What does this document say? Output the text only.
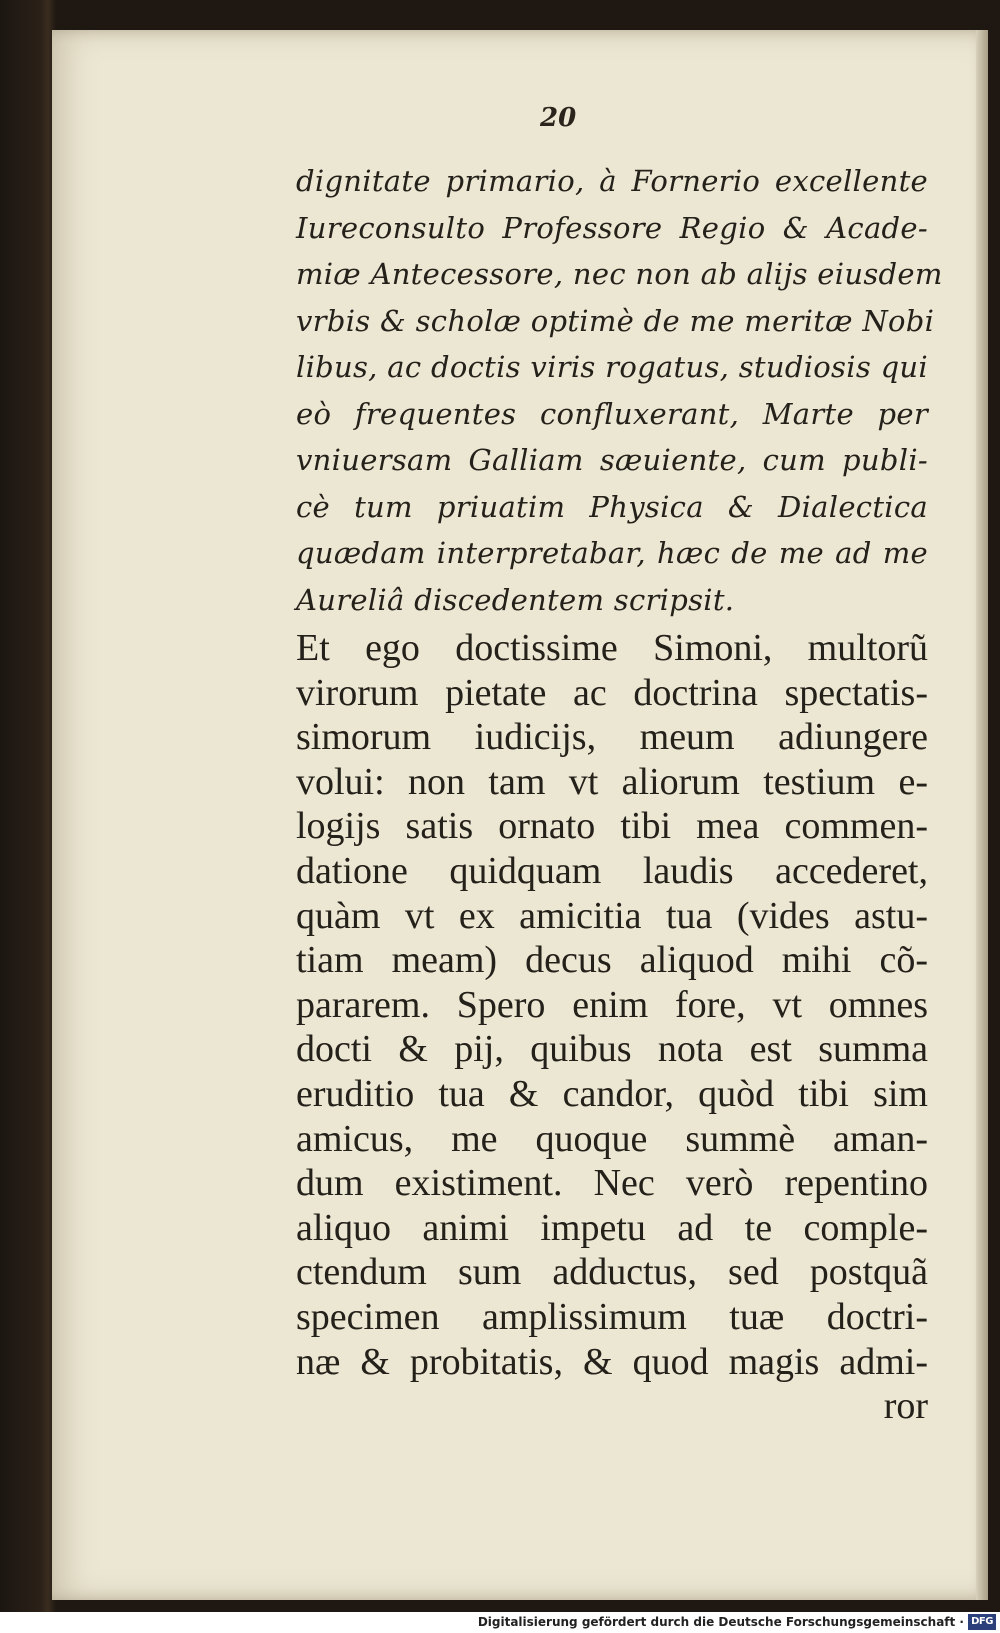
20

dignitate primario, à Fornerio excellente

Iureconsulto Professore Regio & Acade-

miæ Antecessore, nec non ab alijs eiusdem

vrbis & scholæ optimè de me meritæ Nobi

libus, ac doctis viris rogatus, studiosis qui

eò frequentes confluxerant, Marte per

vniuersam Galliam sæuiente, cum publi-

cè tum priuatim Physica & Dialectica

quædam interpretabar, hæc de me ad me

Aureliâ discedentem scripsit.

Et ego doctissime Simoni, multorũ

virorum pietate ac doctrina spectatis-

simorum iudicijs, meum adiungere

volui: non tam vt aliorum testium e-

logijs satis ornato tibi mea commen-

datione quidquam laudis accederet,

quàm vt ex amicitia tua (vides astu-

tiam meam) decus aliquod mihi cõ-

pararem. Spero enim fore, vt omnes

docti & pij, quibus nota est summa

eruditio tua & candor, quòd tibi sim

amicus, me quoque summè aman-

dum existiment. Nec verò repentino

aliquo animi impetu ad te comple-

ctendum sum adductus, sed postquã

specimen amplissimum tuæ doctri-

næ & probitatis, & quod magis admi-

ror

Digitalisierung gefördert durch die Deutsche Forschungsgemeinschaft · DFG
